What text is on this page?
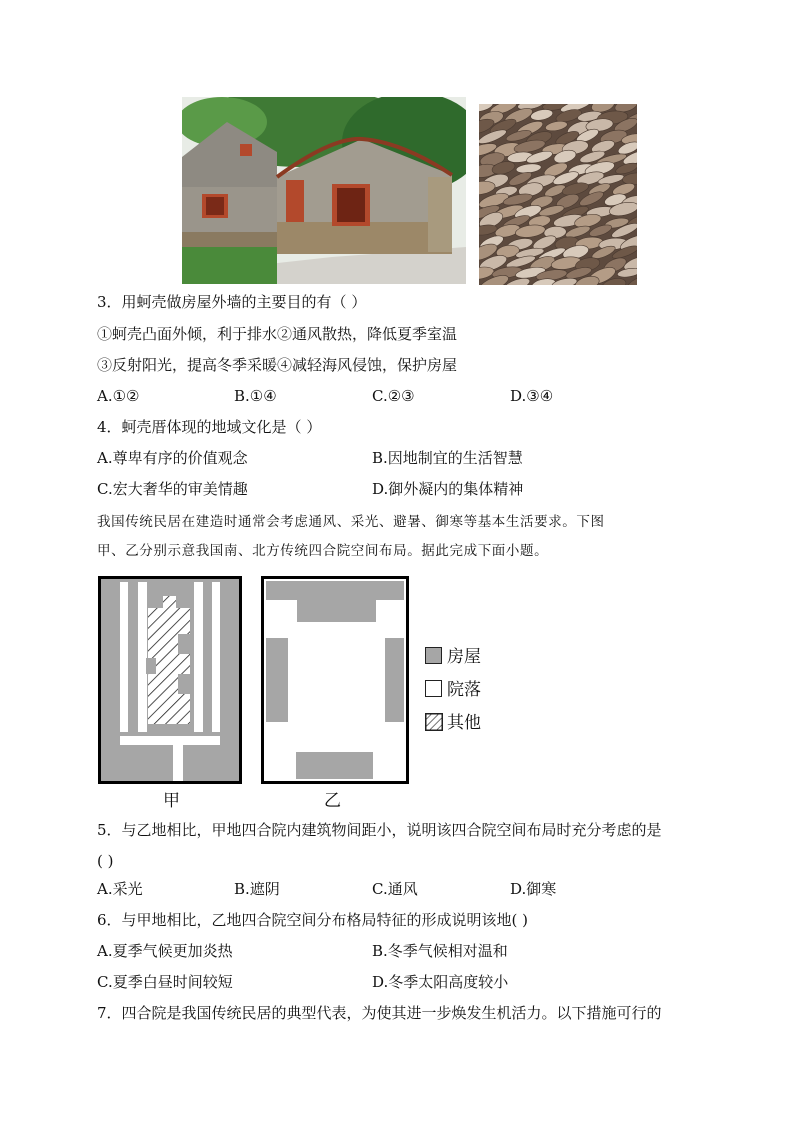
3．用蚵壳做房屋外墙的主要目的有（ ）
①蚵壳凸面外倾，利于排水②通风散热，降低夏季室温
③反射阳光，提高冬季采暖④减轻海风侵蚀，保护房屋
A.①②	B.①④	C.②③	D.③④
4．蚵壳厝体现的地域文化是（ ）
A.尊卑有序的价值观念	B.因地制宜的生活智慧
C.宏大奢华的审美情趣	D.御外凝内的集体精神
我国传统民居在建造时通常会考虑通风、采光、避暑、御寒等基本生活要求。下图
甲、乙分别示意我国南、北方传统四合院空间布局。据此完成下面小题。
甲	乙
房屋
院落
其他
5．与乙地相比，甲地四合院内建筑物间距小，说明该四合院空间布局时充分考虑的是
( )
A.采光	B.遮阴	C.通风	D.御寒
6．与甲地相比，乙地四合院空间分布格局特征的形成说明该地( )
A.夏季气候更加炎热	B.冬季气候相对温和
C.夏季白昼时间较短	D.冬季太阳高度较小
7．四合院是我国传统民居的典型代表，为使其进一步焕发生机活力。以下措施可行的
